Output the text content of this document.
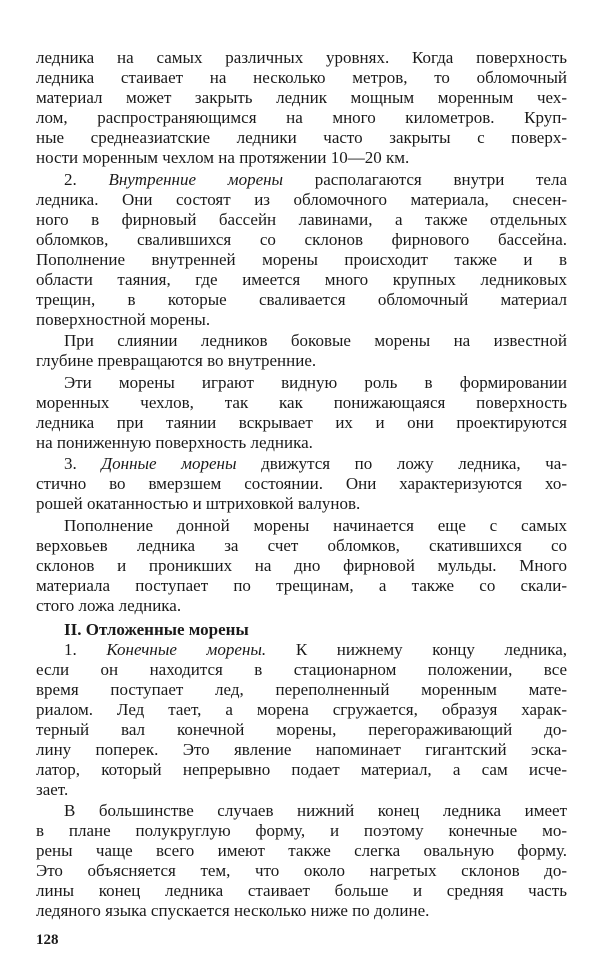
ледника на самых различных уровнях. Когда поверхность
ледника стаивает на несколько метров, то обломочный
материал может закрыть ледник мощным моренным чех-
лом, распространяющимся на много километров. Круп-
ные среднеазиатские ледники часто закрыты с поверх-
ности моренным чехлом на протяжении 10—20 км.
2. Внутренние морены располагаются внутри тела
ледника. Они состоят из обломочного материала, снесен-
ного в фирновый бассейн лавинами, а также отдельных
обломков, свалившихся со склонов фирнового бассейна.
Пополнение внутренней морены происходит также и в
области таяния, где имеется много крупных ледниковых
трещин, в которые сваливается обломочный материал
поверхностной морены.
При слиянии ледников боковые морены на известной
глубине превращаются во внутренние.
Эти морены играют видную роль в формировании
моренных чехлов, так как понижающаяся поверхность
ледника при таянии вскрывает их и они проектируются
на пониженную поверхность ледника.
3. Донные морены движутся по ложу ледника, ча-
стично во вмерзшем состоянии. Они характеризуются хо-
рошей окатанностью и штриховкой валунов.
Пополнение донной морены начинается еще с самых
верховьев ледника за счет обломков, скатившихся со
склонов и проникших на дно фирновой мульды. Много
материала поступает по трещинам, а также со скали-
стого ложа ледника.
II. Отложенные морены
1. Конечные морены. К нижнему концу ледника,
если он находится в стационарном положении, все
время поступает лед, переполненный моренным мате-
риалом. Лед тает, а морена сгружается, образуя харак-
терный вал конечной морены, перегораживающий до-
лину поперек. Это явление напоминает гигантский эска-
латор, который непрерывно подает материал, а сам исче-
зает.
В большинстве случаев нижний конец ледника имеет
в плане полукруглую форму, и поэтому конечные мо-
рены чаще всего имеют также слегка овальную форму.
Это объясняется тем, что около нагретых склонов до-
лины конец ледника стаивает больше и средняя часть
ледяного языка спускается несколько ниже по долине.
128
